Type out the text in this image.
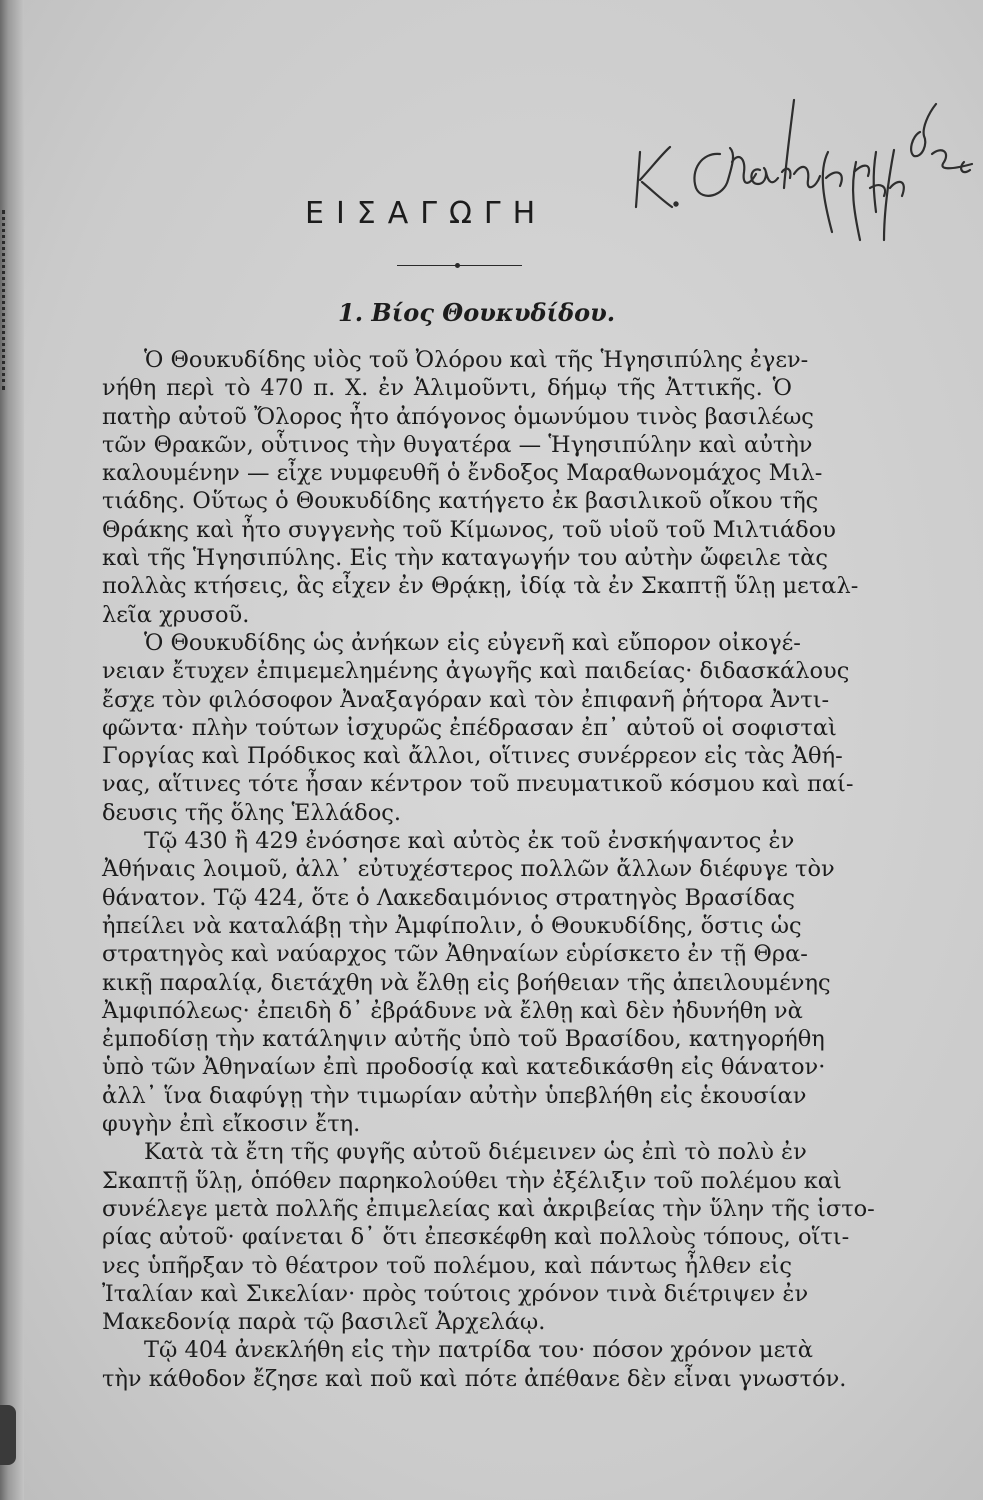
Κ. Γρανδακοπούλου
ΕΙΣΑΓΩΓΗ
1. Βίος Θουκυδίδου.
Ὁ Θουκυδίδης υἱὸς τοῦ Ὀλόρου καὶ τῆς Ἡγησιπύλης ἐγεν-
νήθη περὶ τὸ 470 π. Χ. ἐν Ἁλιμοῦντι, δήμῳ τῆς Ἀττικῆς. Ὁ
πατὴρ αὐτοῦ Ὄλορος ἦτο ἀπόγονος ὁμωνύμου τινὸς βασιλέως
τῶν Θρακῶν, οὗτινος τὴν θυγατέρα — Ἡγησιπύλην καὶ αὐτὴν
καλουμένην — εἶχε νυμφευθῆ ὁ ἔνδοξος Μαραθωνομάχος Μιλ-
τιάδης. Οὕτως ὁ Θουκυδίδης κατήγετο ἐκ βασιλικοῦ οἴκου τῆς
Θράκης καὶ ἦτο συγγενὴς τοῦ Κίμωνος, τοῦ υἱοῦ τοῦ Μιλτιάδου
καὶ τῆς Ἡγησιπύλης. Εἰς τὴν καταγωγήν του αὐτὴν ὤφειλε τὰς
πολλὰς κτήσεις, ἃς εἶχεν ἐν Θρᾴκῃ, ἰδίᾳ τὰ ἐν Σκαπτῇ ὕλῃ μεταλ-
λεῖα χρυσοῦ.
Ὁ Θουκυδίδης ὡς ἀνήκων εἰς εὐγενῆ καὶ εὔπορον οἰκογέ-
νειαν ἔτυχεν ἐπιμεμελημένης ἀγωγῆς καὶ παιδείας· διδασκάλους
ἔσχε τὸν φιλόσοφον Ἀναξαγόραν καὶ τὸν ἐπιφανῆ ῥήτορα Ἀντι-
φῶντα· πλὴν τούτων ἰσχυρῶς ἐπέδρασαν ἐπ᾽ αὐτοῦ οἱ σοφισταὶ
Γοργίας καὶ Πρόδικος καὶ ἄλλοι, οἵτινες συνέρρεον εἰς τὰς Ἀθή-
νας, αἵτινες τότε ἦσαν κέντρον τοῦ πνευματικοῦ κόσμου καὶ παί-
δευσις τῆς ὅλης Ἑλλάδος.
Τῷ 430 ἢ 429 ἐνόσησε καὶ αὐτὸς ἐκ τοῦ ἐνσκήψαντος ἐν
Ἀθήναις λοιμοῦ, ἀλλ᾽ εὐτυχέστερος πολλῶν ἄλλων διέφυγε τὸν
θάνατον. Τῷ 424, ὅτε ὁ Λακεδαιμόνιος στρατηγὸς Βρασίδας
ἠπείλει νὰ καταλάβῃ τὴν Ἀμφίπολιν, ὁ Θουκυδίδης, ὅστις ὡς
στρατηγὸς καὶ ναύαρχος τῶν Ἀθηναίων εὑρίσκετο ἐν τῇ Θρα-
κικῇ παραλίᾳ, διετάχθη νὰ ἔλθῃ εἰς βοήθειαν τῆς ἀπειλουμένης
Ἀμφιπόλεως· ἐπειδὴ δ᾽ ἐβράδυνε νὰ ἔλθῃ καὶ δὲν ἠδυνήθη νὰ
ἐμποδίσῃ τὴν κατάληψιν αὐτῆς ὑπὸ τοῦ Βρασίδου, κατηγορήθη
ὑπὸ τῶν Ἀθηναίων ἐπὶ προδοσίᾳ καὶ κατεδικάσθη εἰς θάνατον·
ἀλλ᾽ ἵνα διαφύγῃ τὴν τιμωρίαν αὐτὴν ὑπεβλήθη εἰς ἑκουσίαν
φυγὴν ἐπὶ εἴκοσιν ἔτη.
Κατὰ τὰ ἔτη τῆς φυγῆς αὐτοῦ διέμεινεν ὡς ἐπὶ τὸ πολὺ ἐν
Σκαπτῇ ὕλῃ, ὁπόθεν παρηκολούθει τὴν ἐξέλιξιν τοῦ πολέμου καὶ
συνέλεγε μετὰ πολλῆς ἐπιμελείας καὶ ἀκριβείας τὴν ὕλην τῆς ἱστο-
ρίας αὐτοῦ· φαίνεται δ᾽ ὅτι ἐπεσκέφθη καὶ πολλοὺς τόπους, οἵτι-
νες ὑπῆρξαν τὸ θέατρον τοῦ πολέμου, καὶ πάντως ἦλθεν εἰς
Ἰταλίαν καὶ Σικελίαν· πρὸς τούτοις χρόνον τινὰ διέτριψεν ἐν
Μακεδονίᾳ παρὰ τῷ βασιλεῖ Ἀρχελάῳ.
Τῷ 404 ἀνεκλήθη εἰς τὴν πατρίδα του· πόσον χρόνον μετὰ
τὴν κάθοδον ἔζησε καὶ ποῦ καὶ πότε ἀπέθανε δὲν εἶναι γνωστόν.
